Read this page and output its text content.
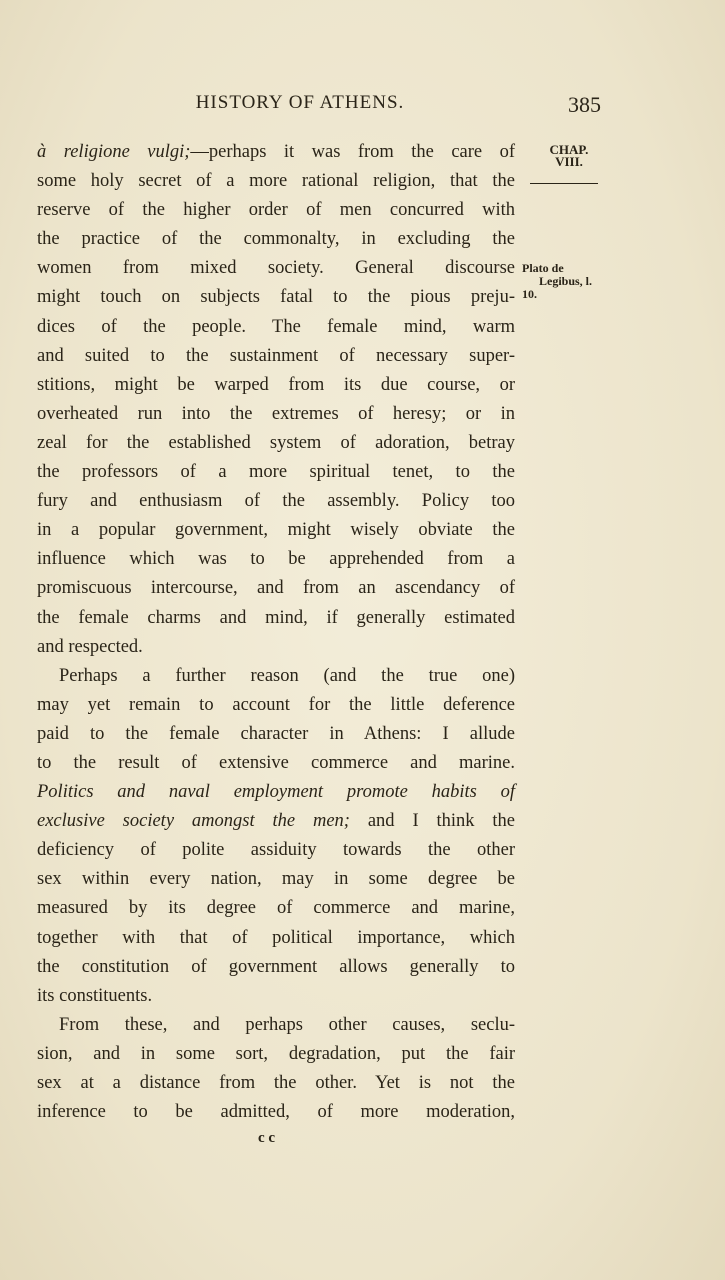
HISTORY OF ATHENS.	385
CHAP.
VIII.
Plato de
Legibus, l.
10.
à religione vulgi;—perhaps it was from the care of
some holy secret of a more rational religion, that the
reserve of the higher order of men concurred with
the practice of the commonalty, in excluding the
women from mixed society. General discourse
might touch on subjects fatal to the pious preju-
dices of the people. The female mind, warm
and suited to the sustainment of necessary super-
stitions, might be warped from its due course, or
overheated run into the extremes of heresy; or in
zeal for the established system of adoration, betray
the professors of a more spiritual tenet, to the
fury and enthusiasm of the assembly. Policy too
in a popular government, might wisely obviate the
influence which was to be apprehended from a
promiscuous intercourse, and from an ascendancy of
the female charms and mind, if generally estimated
and respected.
Perhaps a further reason (and the true one)
may yet remain to account for the little deference
paid to the female character in Athens: I allude
to the result of extensive commerce and marine.
Politics and naval employment promote habits of
exclusive society amongst the men; and I think the
deficiency of polite assiduity towards the other
sex within every nation, may in some degree be
measured by its degree of commerce and marine,
together with that of political importance, which
the constitution of government allows generally to
its constituents.
From these, and perhaps other causes, seclu-
sion, and in some sort, degradation, put the fair
sex at a distance from the other. Yet is not the
inference to be admitted, of more moderation,
c c
